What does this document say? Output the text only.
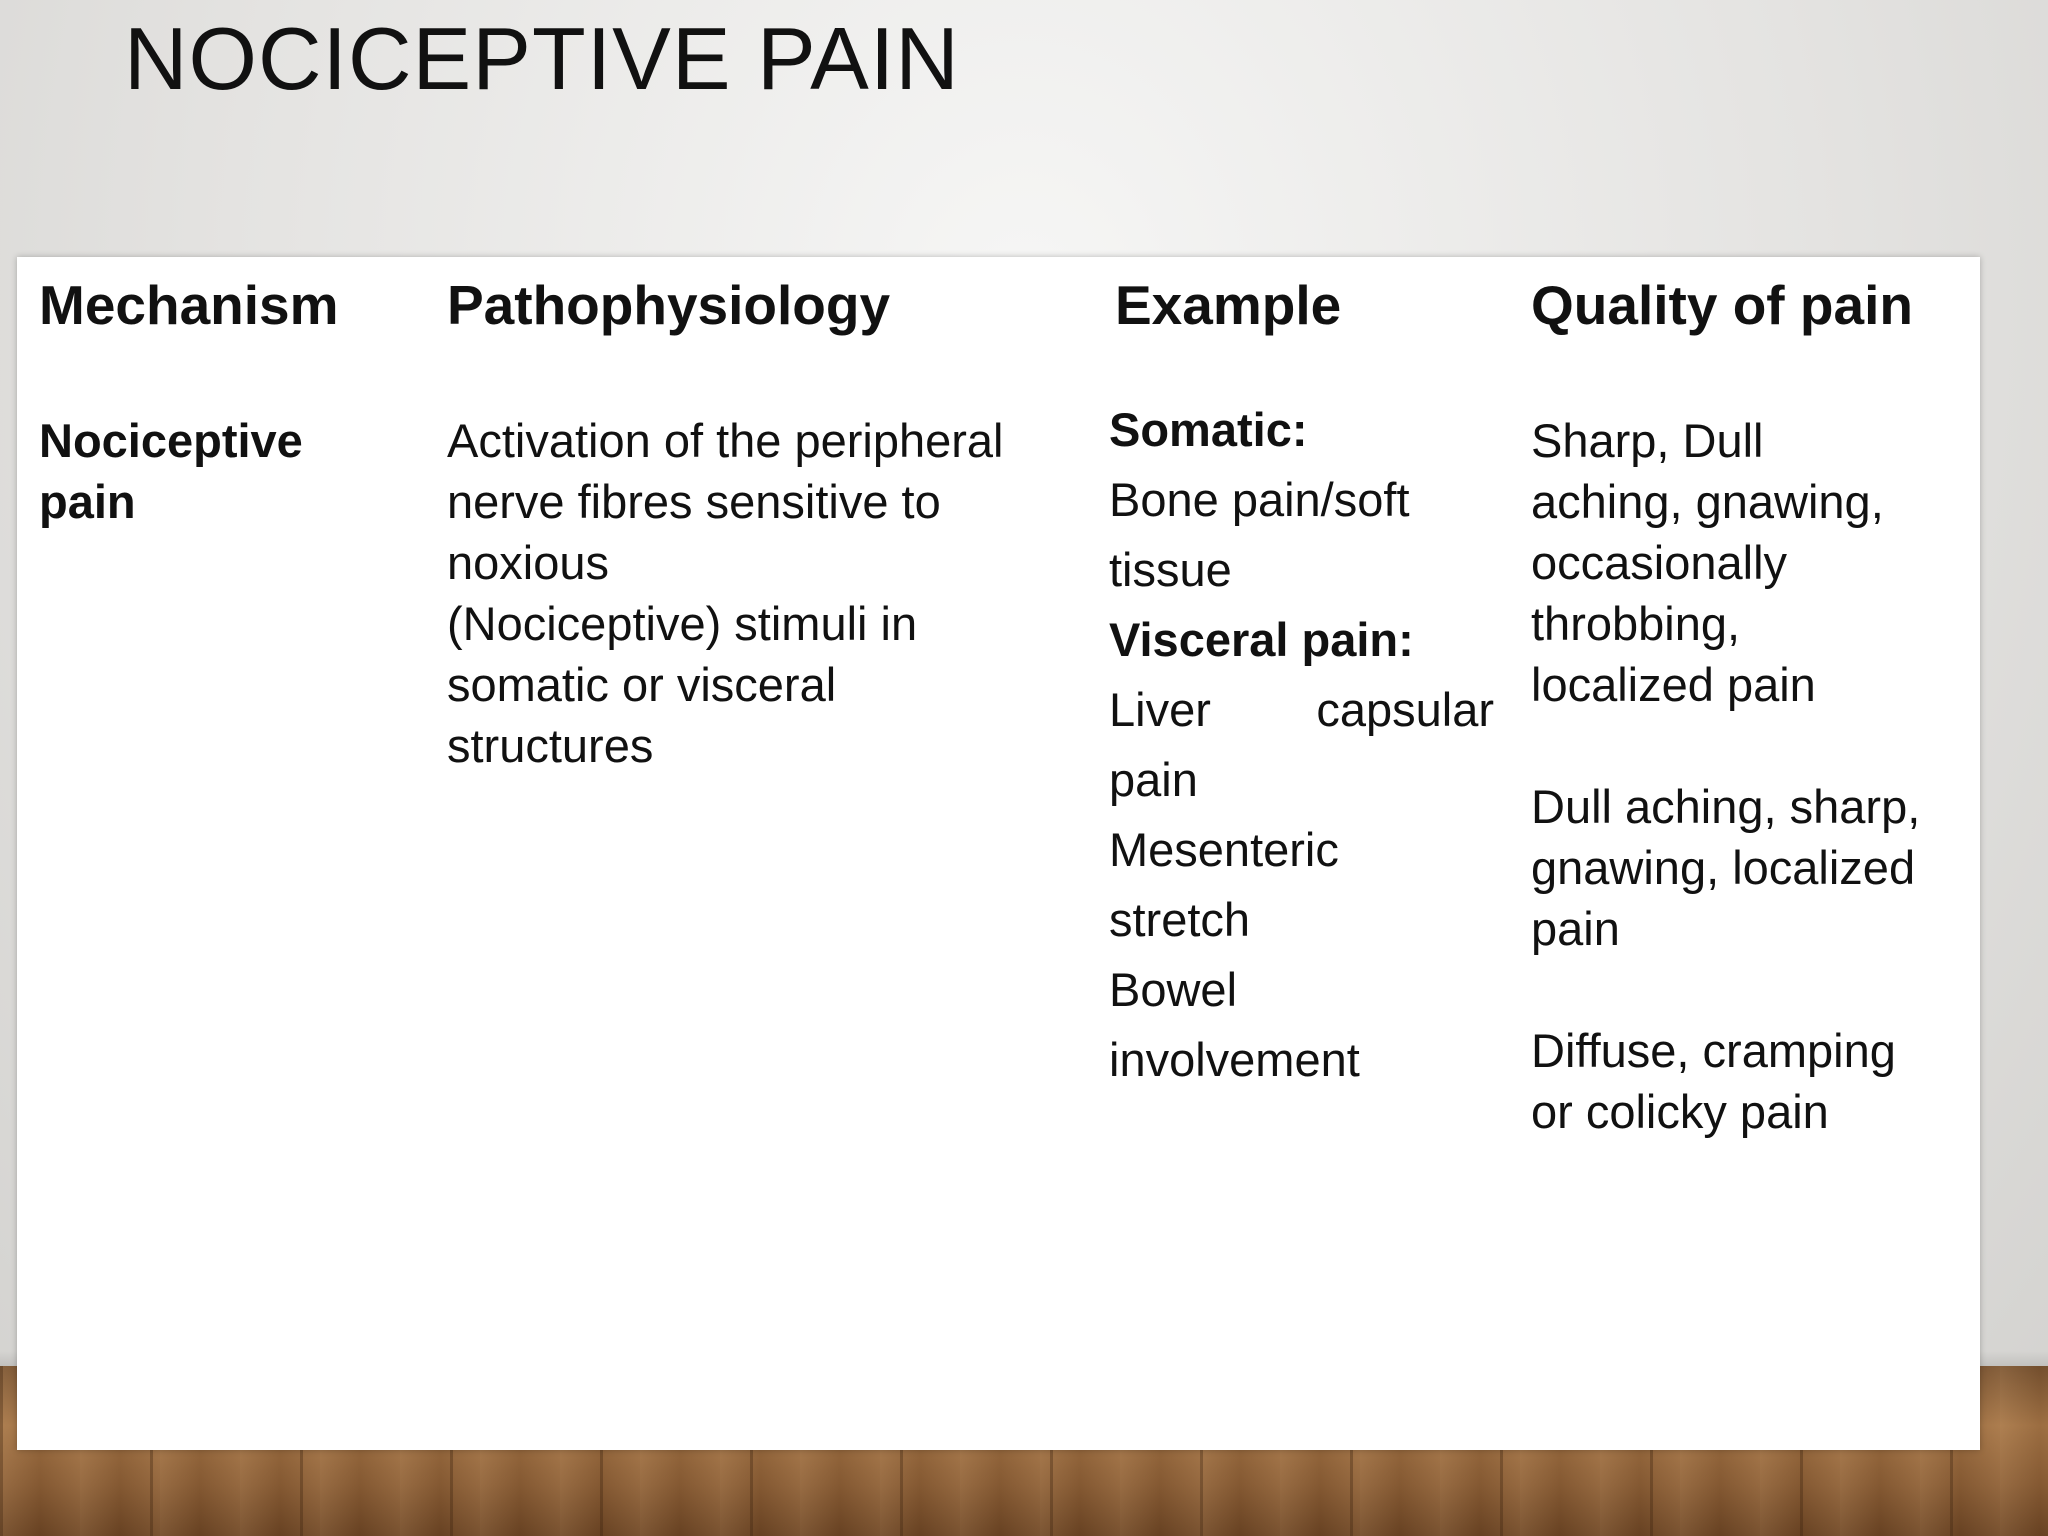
NOCICEPTIVE PAIN
Mechanism Pathophysiology	Example	Quality of pain
Nociceptive
pain
Activation of the peripheral
nerve fibres sensitive to
noxious
(Nociceptive) stimuli in
somatic or visceral
structures
Somatic:
Bone pain/soft
tissue
Visceral pain:
Liver capsular
pain
Mesenteric
stretch
Bowel
involvement

Sharp, Dull
aching, gnawing,
occasionally
throbbing,
localized pain

Dull aching, sharp,
gnawing, localized
pain

Diffuse, cramping
or colicky pain
